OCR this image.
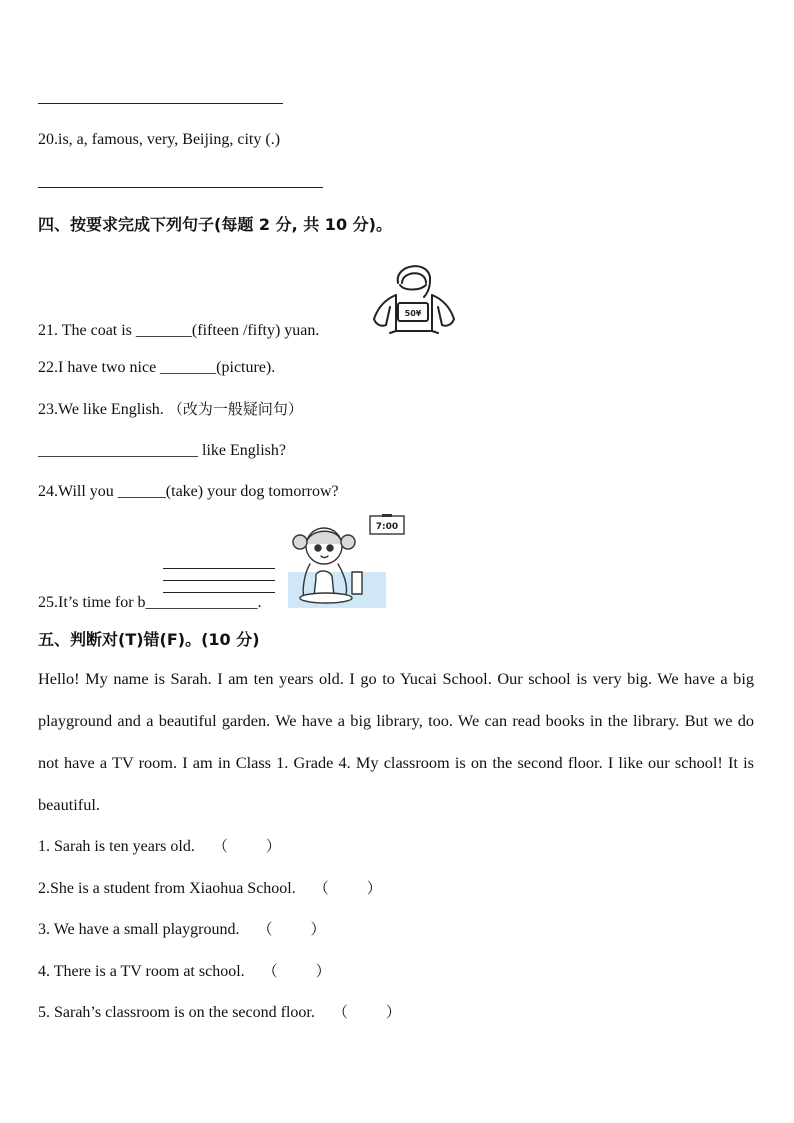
20.is, a, famous, very, Beijing, city (.)
四、按要求完成下列句子(每题 2 分, 共 10 分)。
50¥
21. The coat is _______(fifteen /fifty) yuan.
22.I have two nice _______(picture).
23.We like English. （改为一般疑问句）
____________________ like English?
24.Will you ______(take) your dog tomorrow?
7:00
25.It’s time for b______________.
五、判断对(T)错(F)。(10 分)
Hello! My name is Sarah. I am ten years old. I go to Yucai School. Our school is very big. We have a big playground and a beautiful garden. We have a big library, too. We can read books in the library. But we do not have a TV room. I am in Class 1. Grade 4. My classroom is on the second floor. I like our school! It is beautiful.
1. Sarah is ten years old. （	）
2.She is a student from Xiaohua School. （	）
3. We have a small playground. （	）
4. There is a TV room at school. （	）
5. Sarah’s classroom is on the second floor. （	）
